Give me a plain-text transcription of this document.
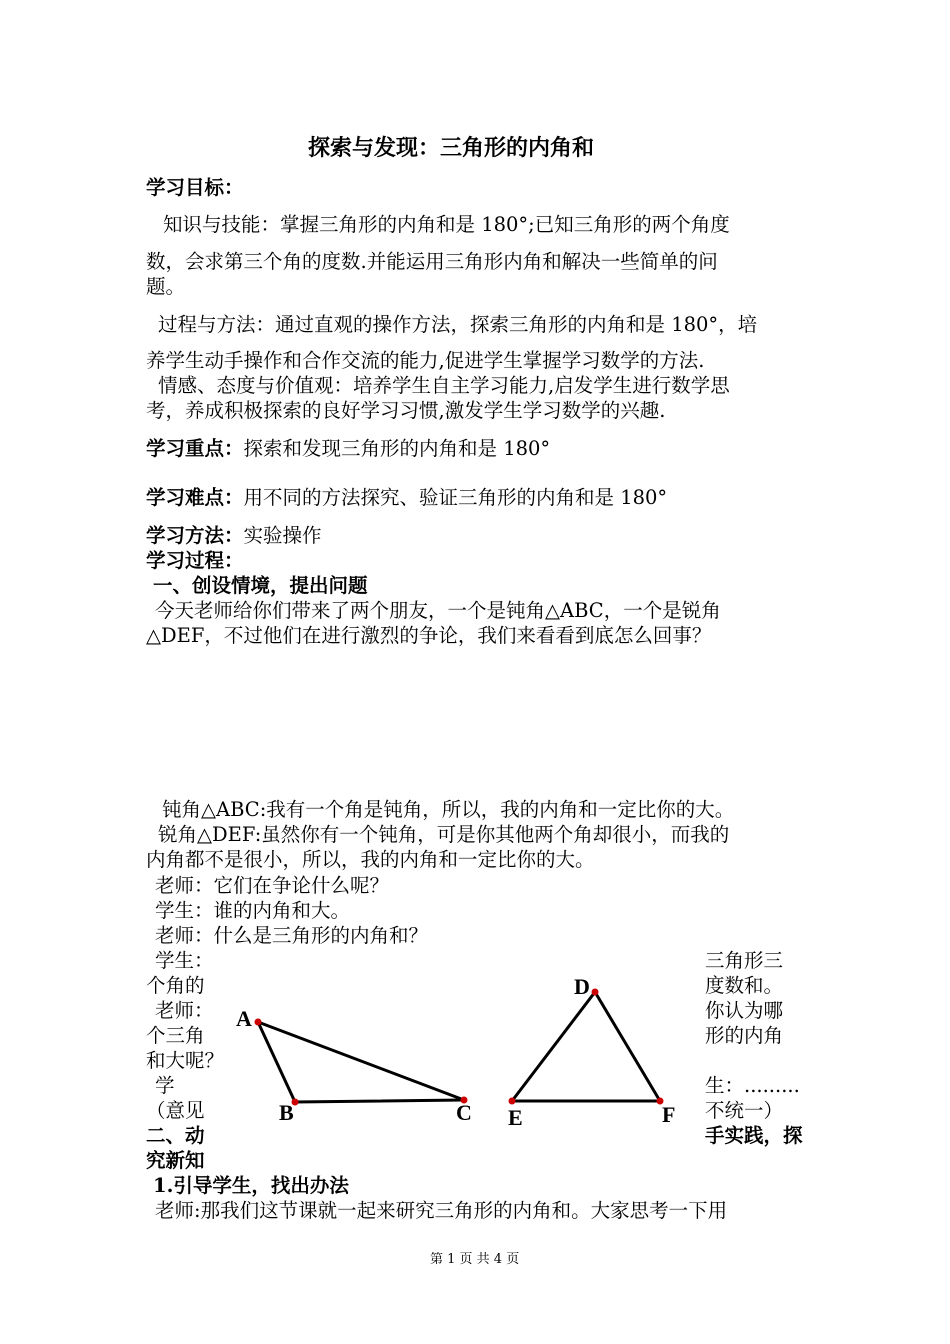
探索与发现：三角形的内角和
学习目标：
知识与技能：掌握三角形的内角和是 180°;已知三角形的两个角度
数，会求第三个角的度数.并能运用三角形内角和解决一些简单的问
题。
过程与方法：通过直观的操作方法，探索三角形的内角和是 180°，培
养学生动手操作和合作交流的能力,促进学生掌握学习数学的方法.
情感、态度与价值观：培养学生自主学习能力,启发学生进行数学思
考，养成积极探索的良好学习习惯,激发学生学习数学的兴趣.
学习重点：探索和发现三角形的内角和是 180°
学习难点：用不同的方法探究、验证三角形的内角和是 180°
学习方法：实验操作
学习过程：
一、创设情境，提出问题
今天老师给你们带来了两个朋友，一个是钝角△ABC，一个是锐角
△DEF，不过他们在进行激烈的争论，我们来看看到底怎么回事？
钝角△ABC:我有一个角是钝角，所以，我的内角和一定比你的大。
锐角△DEF:虽然你有一个钝角，可是你其他两个角却很小，而我的
内角都不是很小，所以，我的内角和一定比你的大。
老师：它们在争论什么呢？
学生：谁的内角和大。
老师：什么是三角形的内角和？
学生：
个角的
老师：
个三角
和大呢？
学
（意见
三角形三
度数和。
你认为哪
形的内角
生：.........
不统一）
二、动
究新知
手实践，探
1.引导学生，找出办法
老师:那我们这节课就一起来研究三角形的内角和。大家思考一下用
A
B	C
D
E	F
第 1 页 共 4 页
